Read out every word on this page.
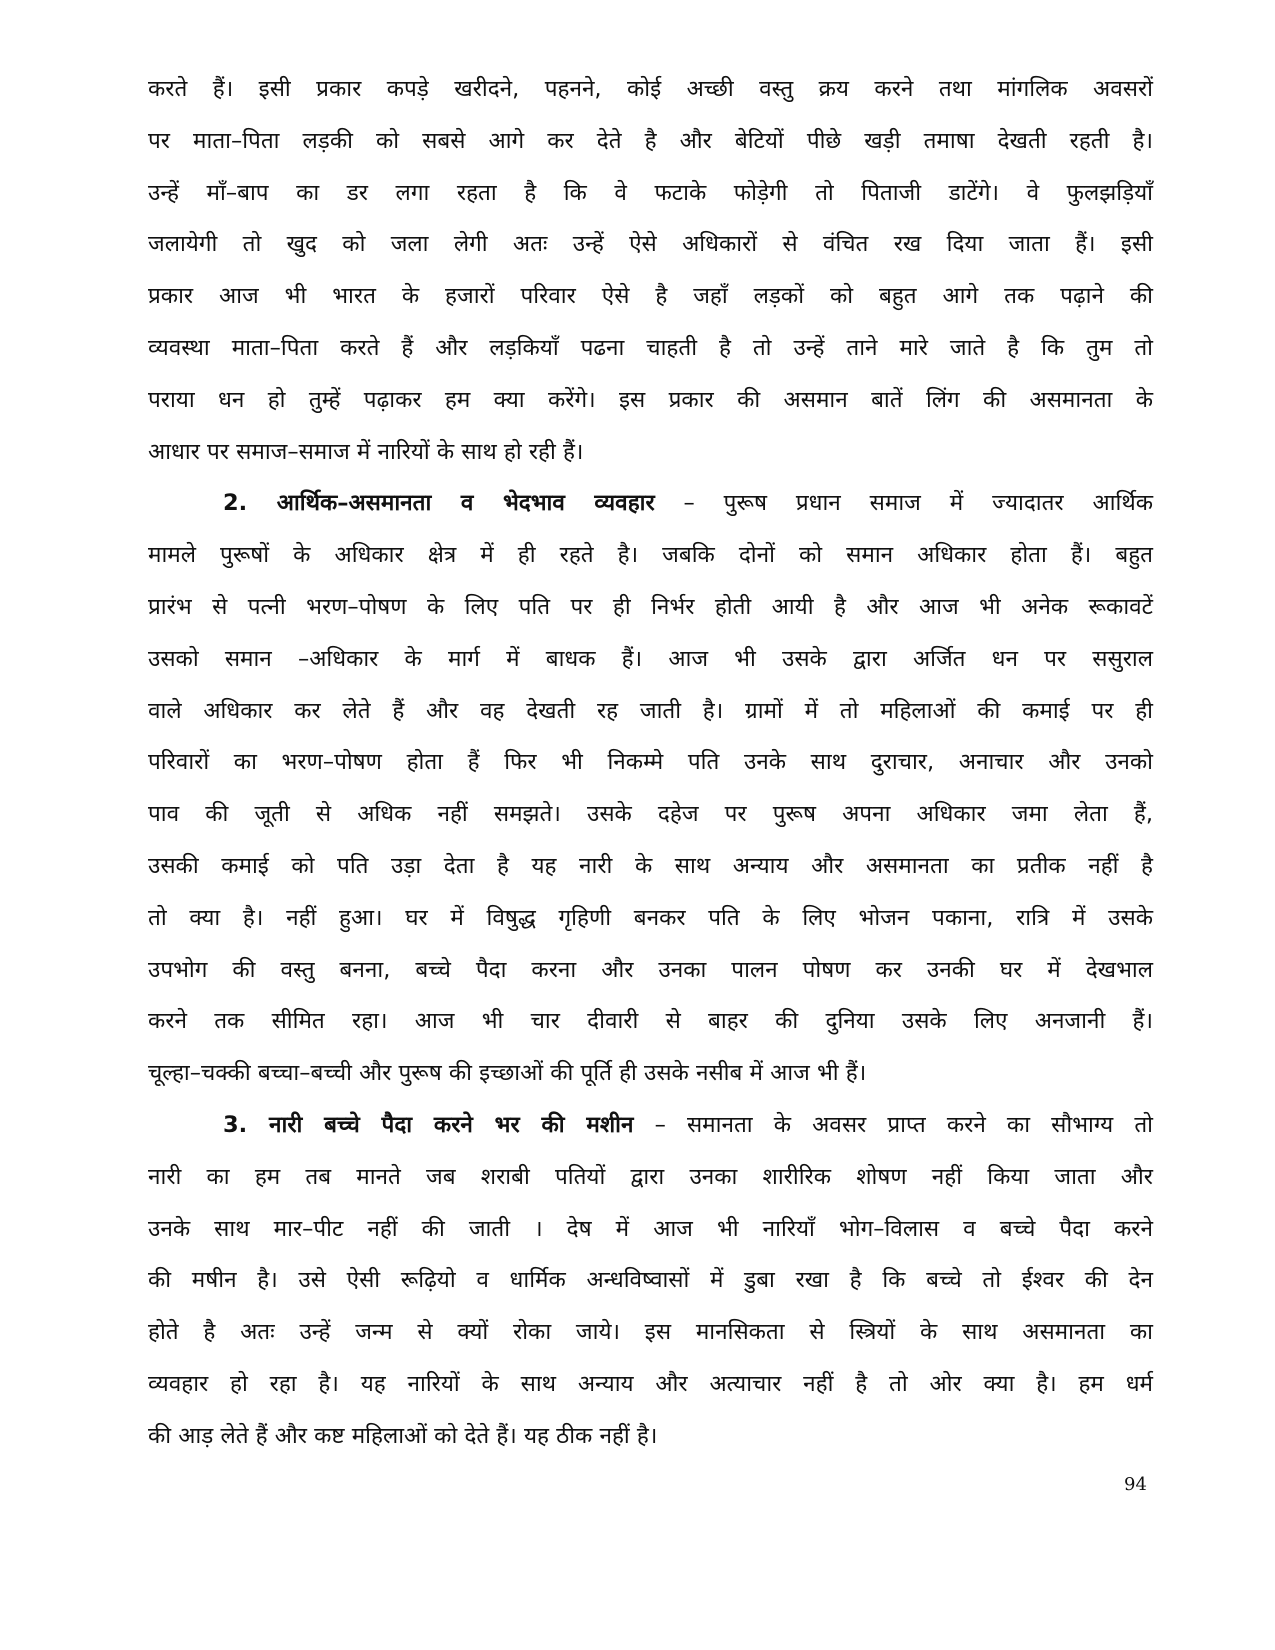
करते हैं। इसी प्रकार कपड़े खरीदने, पहनने, कोई अच्छी वस्तु क्रय करने तथा मांगलिक अवसरों
पर माता–पिता लड़की को सबसे आगे कर देते है और बेटियों पीछे खड़ी तमाषा देखती रहती है।
उन्हें माँ–बाप का डर लगा रहता है कि वे फटाके फोड़ेगी तो पिताजी डाटेंगे। वे फुलझड़ियाँ
जलायेगी तो खुद को जला लेगी अतः उन्हें ऐसे अधिकारों से वंचित रख दिया जाता हैं। इसी
प्रकार आज भी भारत के हजारों परिवार ऐसे है जहाँ लड़कों को बहुत आगे तक पढ़ाने की
व्यवस्था माता–पिता करते हैं और लड़कियाँ पढना चाहती है तो उन्हें ताने मारे जाते है कि तुम तो
पराया धन हो तुम्हें पढ़ाकर हम क्या करेंगे। इस प्रकार की असमान बातें लिंग की असमानता के
आधार पर समाज–समाज में नारियों के साथ हो रही हैं।
2. आर्थिक–असमानता व भेदभाव व्यवहार – पुरूष प्रधान समाज में ज्यादातर आर्थिक
मामले पुरूषों के अधिकार क्षेत्र में ही रहते है। जबकि दोनों को समान अधिकार होता हैं। बहुत
प्रारंभ से पत्नी भरण–पोषण के लिए पति पर ही निर्भर होती आयी है और आज भी अनेक रूकावटें
उसको समान –अधिकार के मार्ग में बाधक हैं। आज भी उसके द्वारा अर्जित धन पर ससुराल
वाले अधिकार कर लेते हैं और वह देखती रह जाती है। ग्रामों में तो महिलाओं की कमाई पर ही
परिवारों का भरण–पोषण होता हैं फिर भी निकम्मे पति उनके साथ दुराचार, अनाचार और उनको
पाव की जूती से अधिक नहीं समझते। उसके दहेज पर पुरूष अपना अधिकार जमा लेता हैं,
उसकी कमाई को पति उड़ा देता है यह नारी के साथ अन्याय और असमानता का प्रतीक नहीं है
तो क्या है। नहीं हुआ। घर में विषुद्ध गृहिणी बनकर पति के लिए भोजन पकाना, रात्रि में उसके
उपभोग की वस्तु बनना, बच्चे पैदा करना और उनका पालन पोषण कर उनकी घर में देखभाल
करने तक सीमित रहा। आज भी चार दीवारी से बाहर की दुनिया उसके लिए अनजानी हैं।
चूल्हा–चक्की बच्चा–बच्ची और पुरूष की इच्छाओं की पूर्ति ही उसके नसीब में आज भी हैं।
3. नारी बच्चे पैदा करने भर की मशीन – समानता के अवसर प्राप्त करने का सौभाग्य तो
नारी का हम तब मानते जब शराबी पतियों द्वारा उनका शारीरिक शोषण नहीं किया जाता और
उनके साथ मार–पीट नहीं की जाती । देष में आज भी नारियाँ भोग–विलास व बच्चे पैदा करने
की मषीन है। उसे ऐसी रूढ़ियो व धार्मिक अन्धविष्वासों में डुबा रखा है कि बच्चे तो ईश्वर की देन
होते है अतः उन्हें जन्म से क्यों रोका जाये। इस मानसिकता से स्त्रियों के साथ असमानता का
व्यवहार हो रहा है। यह नारियों के साथ अन्याय और अत्याचार नहीं है तो ओर क्या है। हम धर्म
की आड़ लेते हैं और कष्ट महिलाओं को देते हैं। यह ठीक नहीं है।
94
